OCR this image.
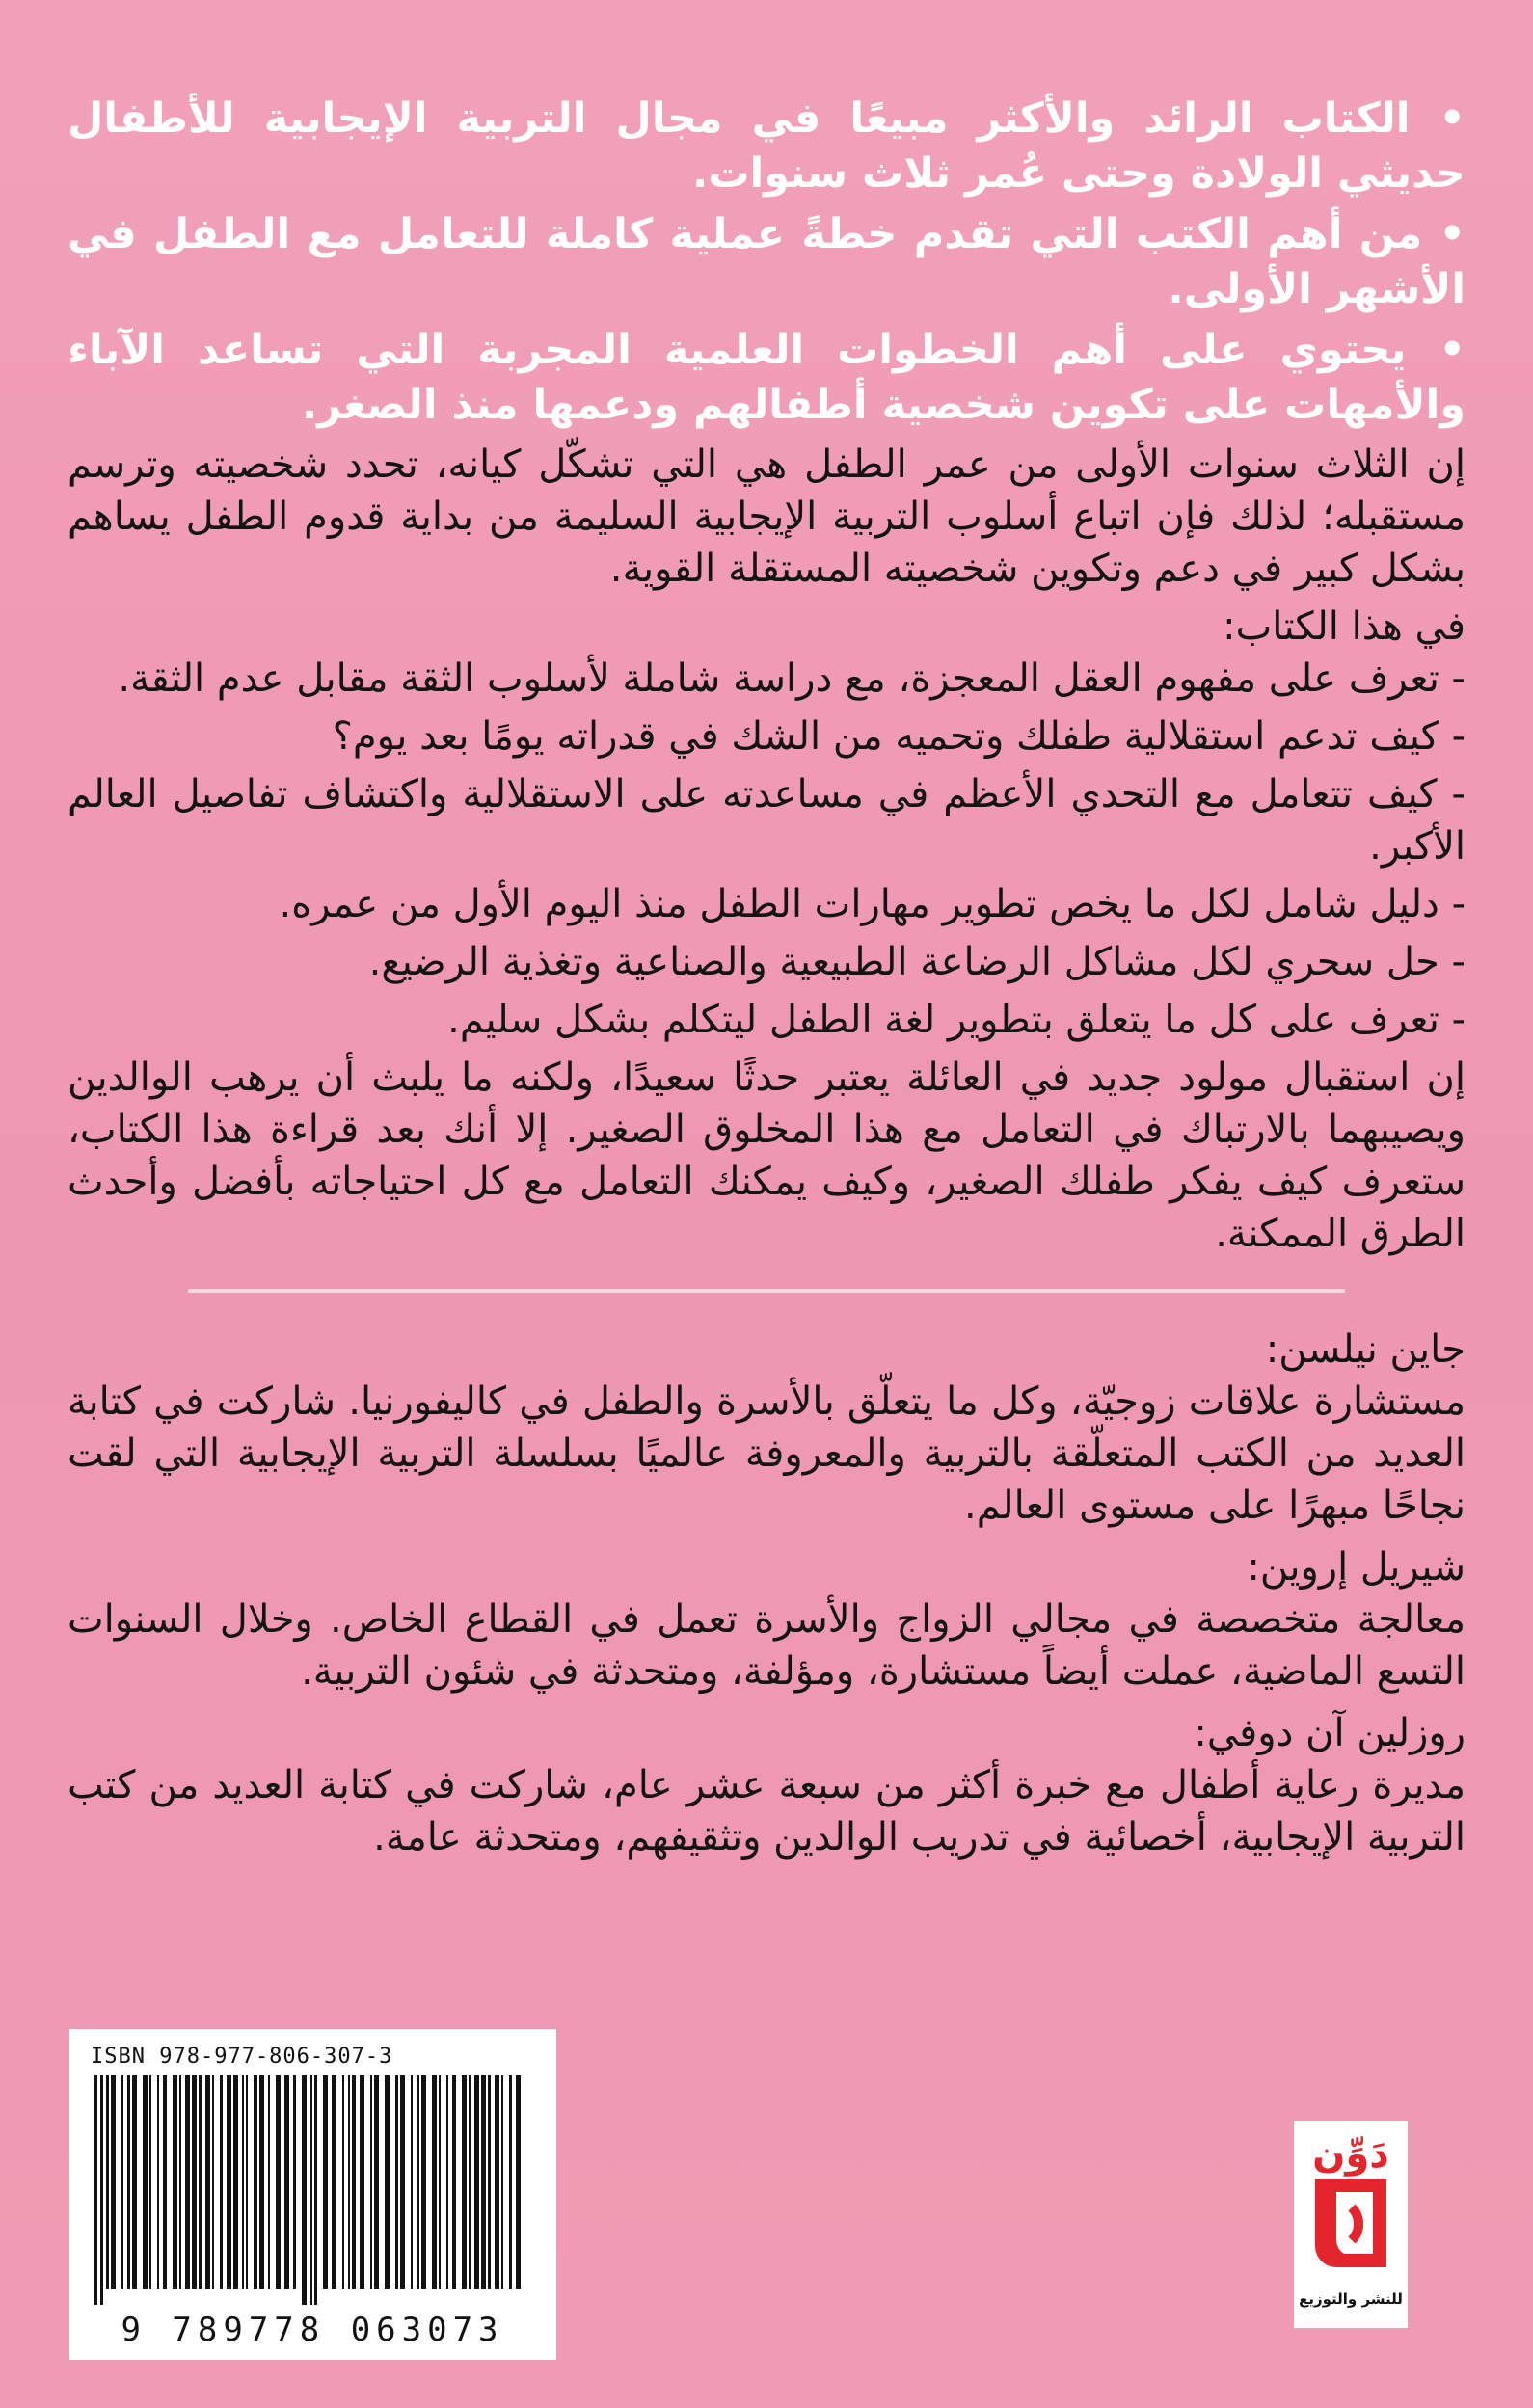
• الكتاب الرائد والأكثر مبيعًا في مجال التربية الإيجابية للأطفال حديثي الولادة وحتى عُمر ثلاث سنوات.
• من أهم الكتب التي تقدم خطةً عملية كاملة للتعامل مع الطفل في الأشهر الأولى.
• يحتوي على أهم الخطوات العلمية المجربة التي تساعد الآباء والأمهات على تكوين شخصية أطفالهم ودعمها منذ الصغر.

إن الثلاث سنوات الأولى من عمر الطفل هي التي تشكّل كيانه، تحدد شخصيته وترسم مستقبله؛ لذلك فإن اتباع أسلوب التربية الإيجابية السليمة من بداية قدوم الطفل يساهم بشكل كبير في دعم وتكوين شخصيته المستقلة القوية.

في هذا الكتاب:

- تعرف على مفهوم العقل المعجزة، مع دراسة شاملة لأسلوب الثقة مقابل عدم الثقة.
- كيف تدعم استقلالية طفلك وتحميه من الشك في قدراته يومًا بعد يوم؟
- كيف تتعامل مع التحدي الأعظم في مساعدته على الاستقلالية واكتشاف تفاصيل العالم الأكبر.
- دليل شامل لكل ما يخص تطوير مهارات الطفل منذ اليوم الأول من عمره.
- حل سحري لكل مشاكل الرضاعة الطبيعية والصناعية وتغذية الرضيع.
- تعرف على كل ما يتعلق بتطوير لغة الطفل ليتكلم بشكل سليم.

إن استقبال مولود جديد في العائلة يعتبر حدثًا سعيدًا، ولكنه ما يلبث أن يرهب الوالدين ويصيبهما بالارتباك في التعامل مع هذا المخلوق الصغير. إلا أنك بعد قراءة هذا الكتاب، ستعرف كيف يفكر طفلك الصغير، وكيف يمكنك التعامل مع كل احتياجاته بأفضل وأحدث الطرق الممكنة.

جاين نيلسن:

مستشارة علاقات زوجيّة، وكل ما يتعلّق بالأسرة والطفل في كاليفورنيا. شاركت في كتابة العديد من الكتب المتعلّقة بالتربية والمعروفة عالميًا بسلسلة التربية الإيجابية التي لقت نجاحًا مبهرًا على مستوى العالم.

شيريل إروين:

معالجة متخصصة في مجالي الزواج والأسرة تعمل في القطاع الخاص. وخلال السنوات التسع الماضية، عملت أيضاً مستشارة، ومؤلفة، ومتحدثة في شئون التربية.

روزلين آن دوفي:

مديرة رعاية أطفال مع خبرة أكثر من سبعة عشر عام، شاركت في كتابة العديد من كتب التربية الإيجابية، أخصائية في تدريب الوالدين وتثقيفهم، ومتحدثة عامة.

ISBN 978-977-806-307-3
9 789778 063073
دَوِّن
للنشر والتوزيع
